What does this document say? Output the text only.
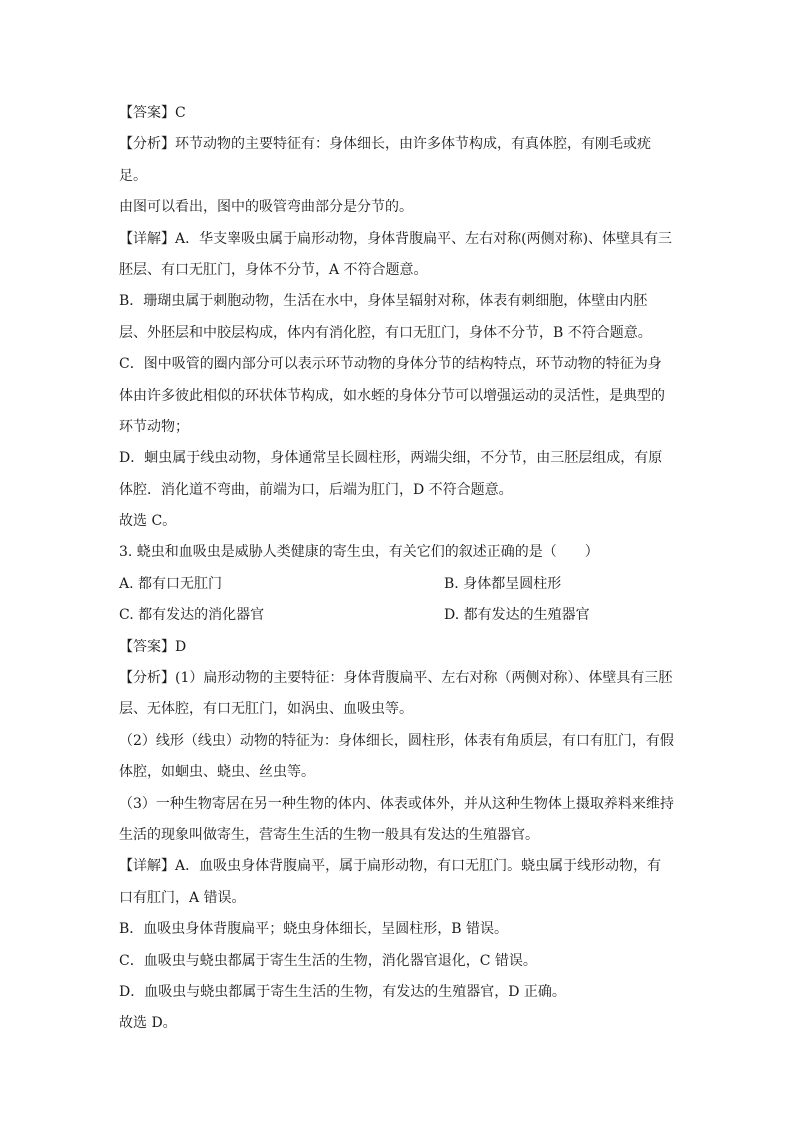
【答案】C
【分析】环节动物的主要特征有：身体细长，由许多体节构成，有真体腔，有刚毛或疣
足。
由图可以看出，图中的吸管弯曲部分是分节的。
【详解】A．华支睾吸虫属于扁形动物，身体背腹扁平、左右对称(两侧对称)、体壁具有三
胚层、有口无肛门，身体不分节，A 不符合题意。
B．珊瑚虫属于刺胞动物，生活在水中，身体呈辐射对称，体表有刺细胞，体壁由内胚
层、外胚层和中胶层构成，体内有消化腔，有口无肛门，身体不分节，B 不符合题意。
C．图中吸管的圈内部分可以表示环节动物的身体分节的结构特点，环节动物的特征为身
体由许多彼此相似的环状体节构成，如水蛭的身体分节可以增强运动的灵活性，是典型的
环节动物；
D．蛔虫属于线虫动物，身体通常呈长圆柱形，两端尖细，不分节，由三胚层组成，有原
体腔．消化道不弯曲，前端为口，后端为肛门，D 不符合题意。
故选 C。
3. 蛲虫和血吸虫是威胁人类健康的寄生虫，有关它们的叙述正确的是（　　）
A. 都有口无肛门	B. 身体都呈圆柱形
C. 都有发达的消化器官	D. 都有发达的生殖器官
【答案】D
【分析】(1）扁形动物的主要特征：身体背腹扁平、左右对称（两侧对称）、体壁具有三胚
层、无体腔，有口无肛门，如涡虫、血吸虫等。
（2）线形（线虫）动物的特征为：身体细长，圆柱形，体表有角质层，有口有肛门，有假
体腔，如蛔虫、蛲虫、丝虫等。
（3）一种生物寄居在另一种生物的体内、体表或体外，并从这种生物体上摄取养料来维持
生活的现象叫做寄生，营寄生生活的生物一般具有发达的生殖器官。
【详解】A．血吸虫身体背腹扁平，属于扁形动物，有口无肛门。蛲虫属于线形动物，有
口有肛门，A 错误。
B．血吸虫身体背腹扁平；蛲虫身体细长，呈圆柱形，B 错误。
C．血吸虫与蛲虫都属于寄生生活的生物，消化器官退化，C 错误。
D．血吸虫与蛲虫都属于寄生生活的生物，有发达的生殖器官，D 正确。
故选 D。
